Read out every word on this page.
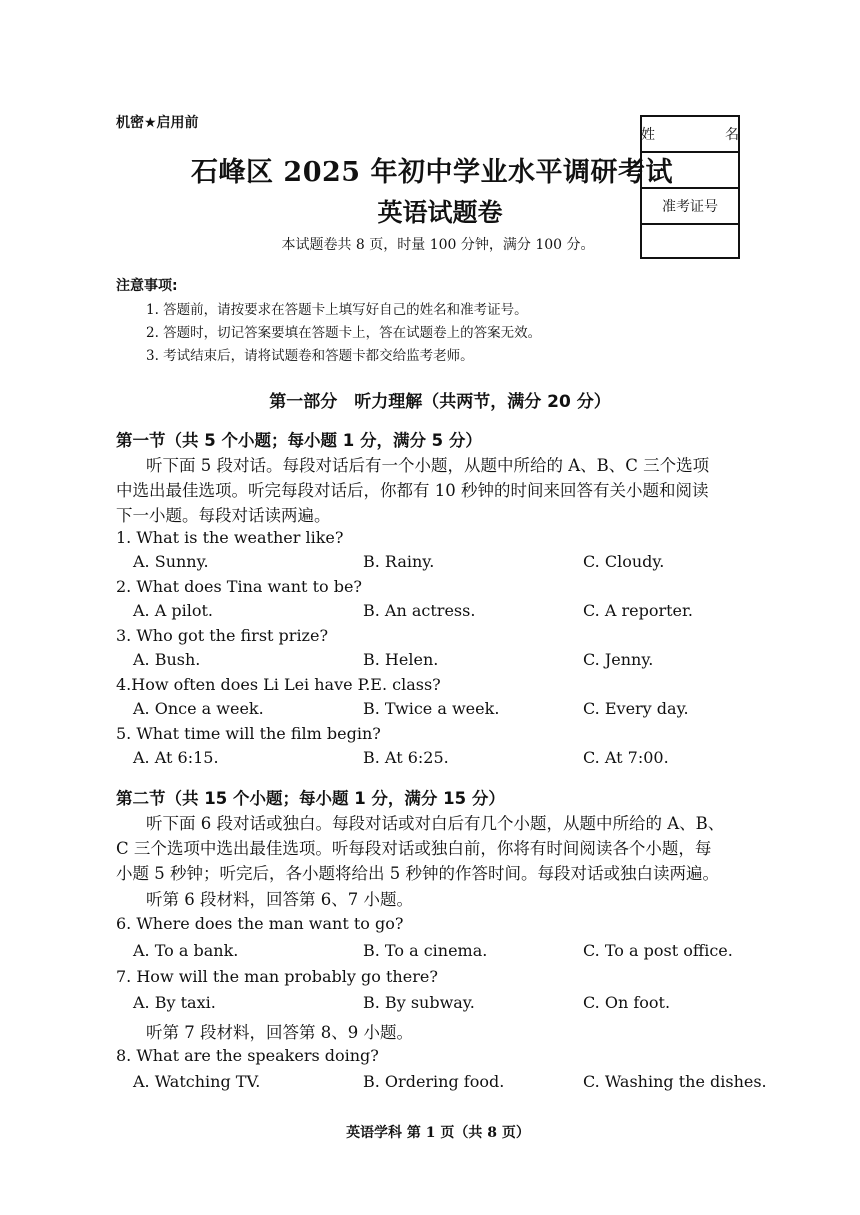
机密★启用前
石峰区 2025 年初中学业水平调研考试
英语试题卷
本试题卷共 8 页，时量 100 分钟，满分 100 分。
姓　名
准考证号
注意事项:
1. 答题前，请按要求在答题卡上填写好自己的姓名和准考证号。
2. 答题时，切记答案要填在答题卡上，答在试题卷上的答案无效。
3. 考试结束后，请将试题卷和答题卡都交给监考老师。
第一部分　听力理解（共两节，满分 20 分）
第一节（共 5 个小题；每小题 1 分，满分 5 分）
听下面 5 段对话。每段对话后有一个小题，从题中所给的 A、B、C 三个选项
中选出最佳选项。听完每段对话后，你都有 10 秒钟的时间来回答有关小题和阅读
下一小题。每段对话读两遍。
1. What is the weather like?
A. Sunny.	B. Rainy.	C. Cloudy.
2. What does Tina want to be?
A. A pilot.	B. An actress.	C. A reporter.
3. Who got the first prize?
A. Bush.	B. Helen.	C. Jenny.
4.How often does Li Lei have P.E. class?
A. Once a week.	B. Twice a week.	C. Every day.
5. What time will the film begin?
A. At 6:15.	B. At 6:25.	C. At 7:00.
第二节（共 15 个小题；每小题 1 分，满分 15 分）
听下面 6 段对话或独白。每段对话或对白后有几个小题，从题中所给的 A、B、
C 三个选项中选出最佳选项。听每段对话或独白前，你将有时间阅读各个小题，每
小题 5 秒钟；听完后，各小题将给出 5 秒钟的作答时间。每段对话或独白读两遍。
听第 6 段材料，回答第 6、7 小题。
6. Where does the man want to go?
A. To a bank.	B. To a cinema.	C. To a post office.
7. How will the man probably go there?
A. By taxi.	B. By subway.	C. On foot.
听第 7 段材料，回答第 8、9 小题。
8. What are the speakers doing?
A. Watching TV.	B. Ordering food.	C. Washing the dishes.
英语学科 第 1 页（共 8 页）
